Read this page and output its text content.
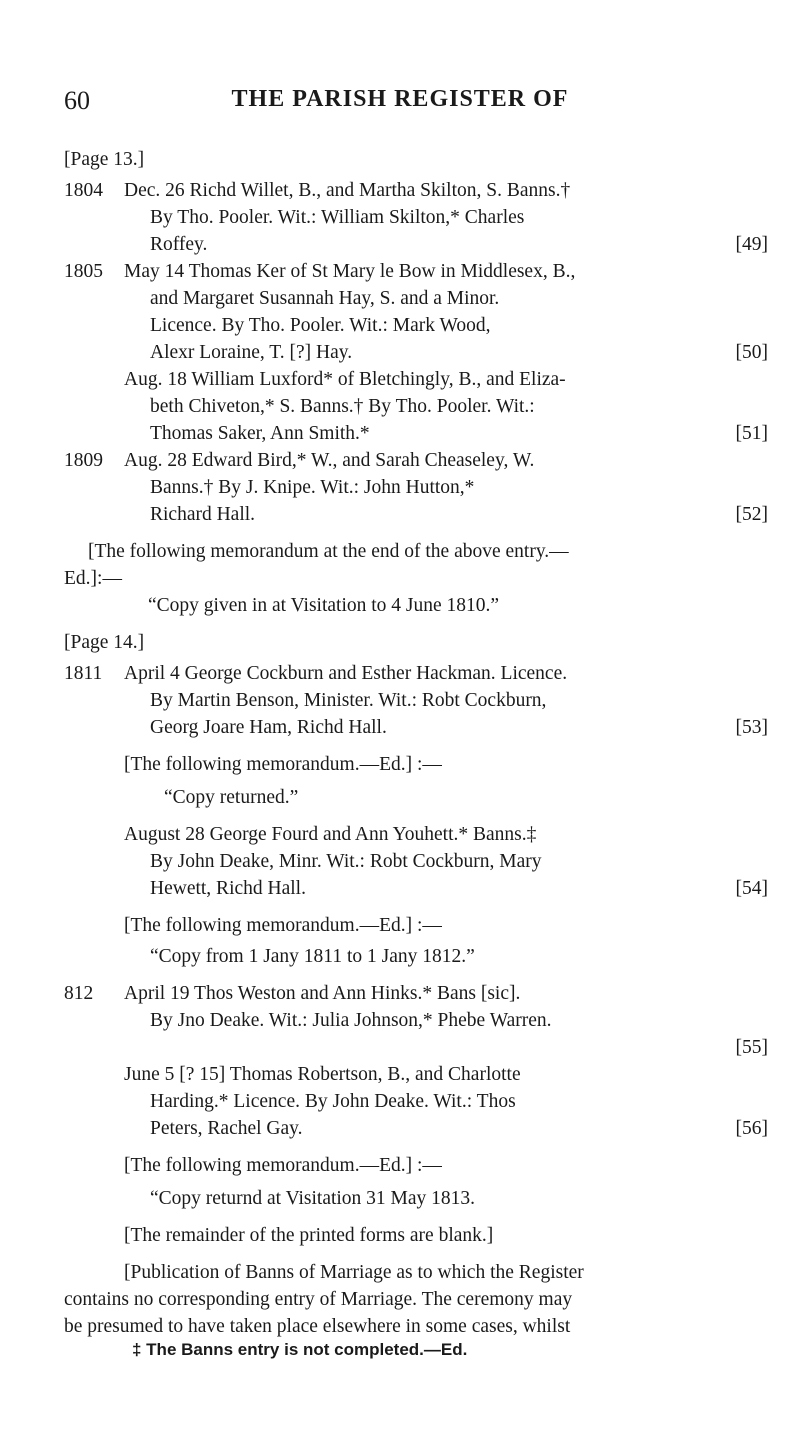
60	THE PARISH REGISTER OF
[Page 13.]
1804 Dec. 26 Richd Willet, B., and Martha Skilton, S. Banns.†
By Tho. Pooler. Wit.: William Skilton,* Charles
Roffey.	[49]
1805 May 14 Thomas Ker of St Mary le Bow in Middlesex, B.,
and Margaret Susannah Hay, S. and a Minor.
Licence. By Tho. Pooler. Wit.: Mark Wood,
Alexr Loraine, T. [?] Hay.	[50]
Aug. 18 William Luxford* of Bletchingly, B., and Eliza-
beth Chiveton,* S. Banns.† By Tho. Pooler. Wit.:
Thomas Saker, Ann Smith.*	[51]
1809 Aug. 28 Edward Bird,* W., and Sarah Cheaseley, W.
Banns.† By J. Knipe. Wit.: John Hutton,*
Richard Hall.	[52]
[The following memorandum at the end of the above entry.—
Ed.]:—
“Copy given in at Visitation to 4 June 1810.”
[Page 14.]
1811 April 4 George Cockburn and Esther Hackman. Licence.
By Martin Benson, Minister. Wit.: Robt Cockburn,
Georg Joare Ham, Richd Hall.	[53]
[The following memorandum.—Ed.] :—
“Copy returned.”
August 28 George Fourd and Ann Youhett.* Banns.‡
By John Deake, Minr. Wit.: Robt Cockburn, Mary
Hewett, Richd Hall.	[54]
[The following memorandum.—Ed.] :—
“Copy from 1 Jany 1811 to 1 Jany 1812.”
812 April 19 Thos Weston and Ann Hinks.* Bans [sic].
By Jno Deake. Wit.: Julia Johnson,* Phebe Warren.
[55]

June 5 [? 15] Thomas Robertson, B., and Charlotte
Harding.* Licence. By John Deake. Wit.: Thos
Peters, Rachel Gay.	[56]
[The following memorandum.—Ed.] :—
“Copy returnd at Visitation 31 May 1813.
[The remainder of the printed forms are blank.]
[Publication of Banns of Marriage as to which the Register
contains no corresponding entry of Marriage. The ceremony may
be presumed to have taken place elsewhere in some cases, whilst
‡ The Banns entry is not completed.—Ed.
